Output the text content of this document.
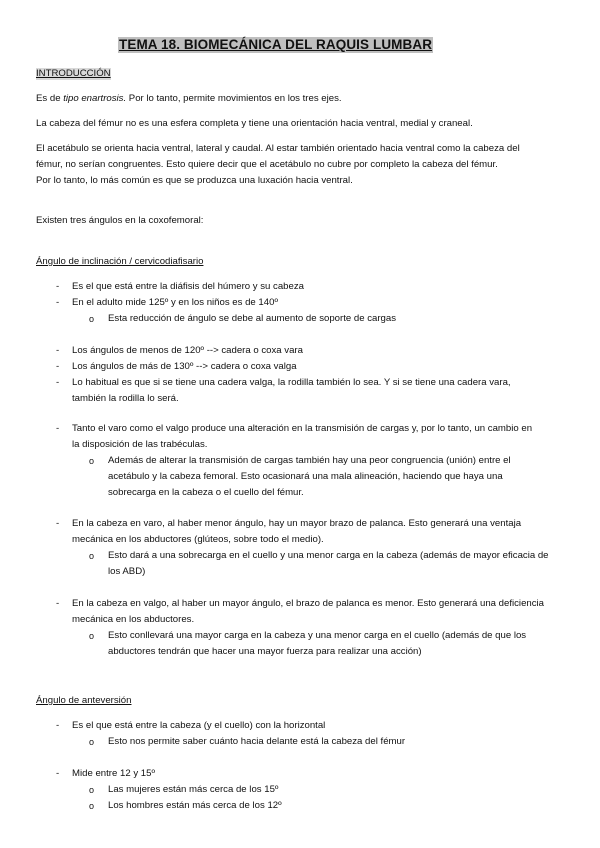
TEMA 18. BIOMECÁNICA DEL RAQUIS LUMBAR
INTRODUCCIÓN
Es de tipo enartrosis. Por lo tanto, permite movimientos en los tres ejes.
La cabeza del fémur no es una esfera completa y tiene una orientación hacia ventral, medial y craneal.
El acetábulo se orienta hacia ventral, lateral y caudal. Al estar también orientado hacia ventral como la cabeza del
fémur, no serían congruentes. Esto quiere decir que el acetábulo no cubre por completo la cabeza del fémur.
Por lo tanto, lo más común es que se produzca una luxación hacia ventral.
Existen tres ángulos en la coxofemoral:
Ángulo de inclinación / cervicodiafisario
- Es el que está entre la diáfisis del húmero y su cabeza
- En el adulto mide 125º y en los niños es de 140º
o Esta reducción de ángulo se debe al aumento de soporte de cargas
- Los ángulos de menos de 120º --> cadera o coxa vara
- Los ángulos de más de 130º --> cadera o coxa valga
- Lo habitual es que si se tiene una cadera valga, la rodilla también lo sea. Y si se tiene una cadera vara,
también la rodilla lo será.
- Tanto el varo como el valgo produce una alteración en la transmisión de cargas y, por lo tanto, un cambio en
la disposición de las trabéculas.
o Además de alterar la transmisión de cargas también hay una peor congruencia (unión) entre el
acetábulo y la cabeza femoral. Esto ocasionará una mala alineación, haciendo que haya una
sobrecarga en la cabeza o el cuello del fémur.
- En la cabeza en varo, al haber menor ángulo, hay un mayor brazo de palanca. Esto generará una ventaja
mecánica en los abductores (glúteos, sobre todo el medio).
o Esto dará a una sobrecarga en el cuello y una menor carga en la cabeza (además de mayor eficacia de
los ABD)
- En la cabeza en valgo, al haber un mayor ángulo, el brazo de palanca es menor. Esto generará una deficiencia
mecánica en los abductores.
o Esto conllevará una mayor carga en la cabeza y una menor carga en el cuello (además de que los
abductores tendrán que hacer una mayor fuerza para realizar una acción)
Ángulo de anteversión
- Es el que está entre la cabeza (y el cuello) con la horizontal
o Esto nos permite saber cuánto hacia delante está la cabeza del fémur
- Mide entre 12 y 15º
o Las mujeres están más cerca de los 15º
o Los hombres están más cerca de los 12º
